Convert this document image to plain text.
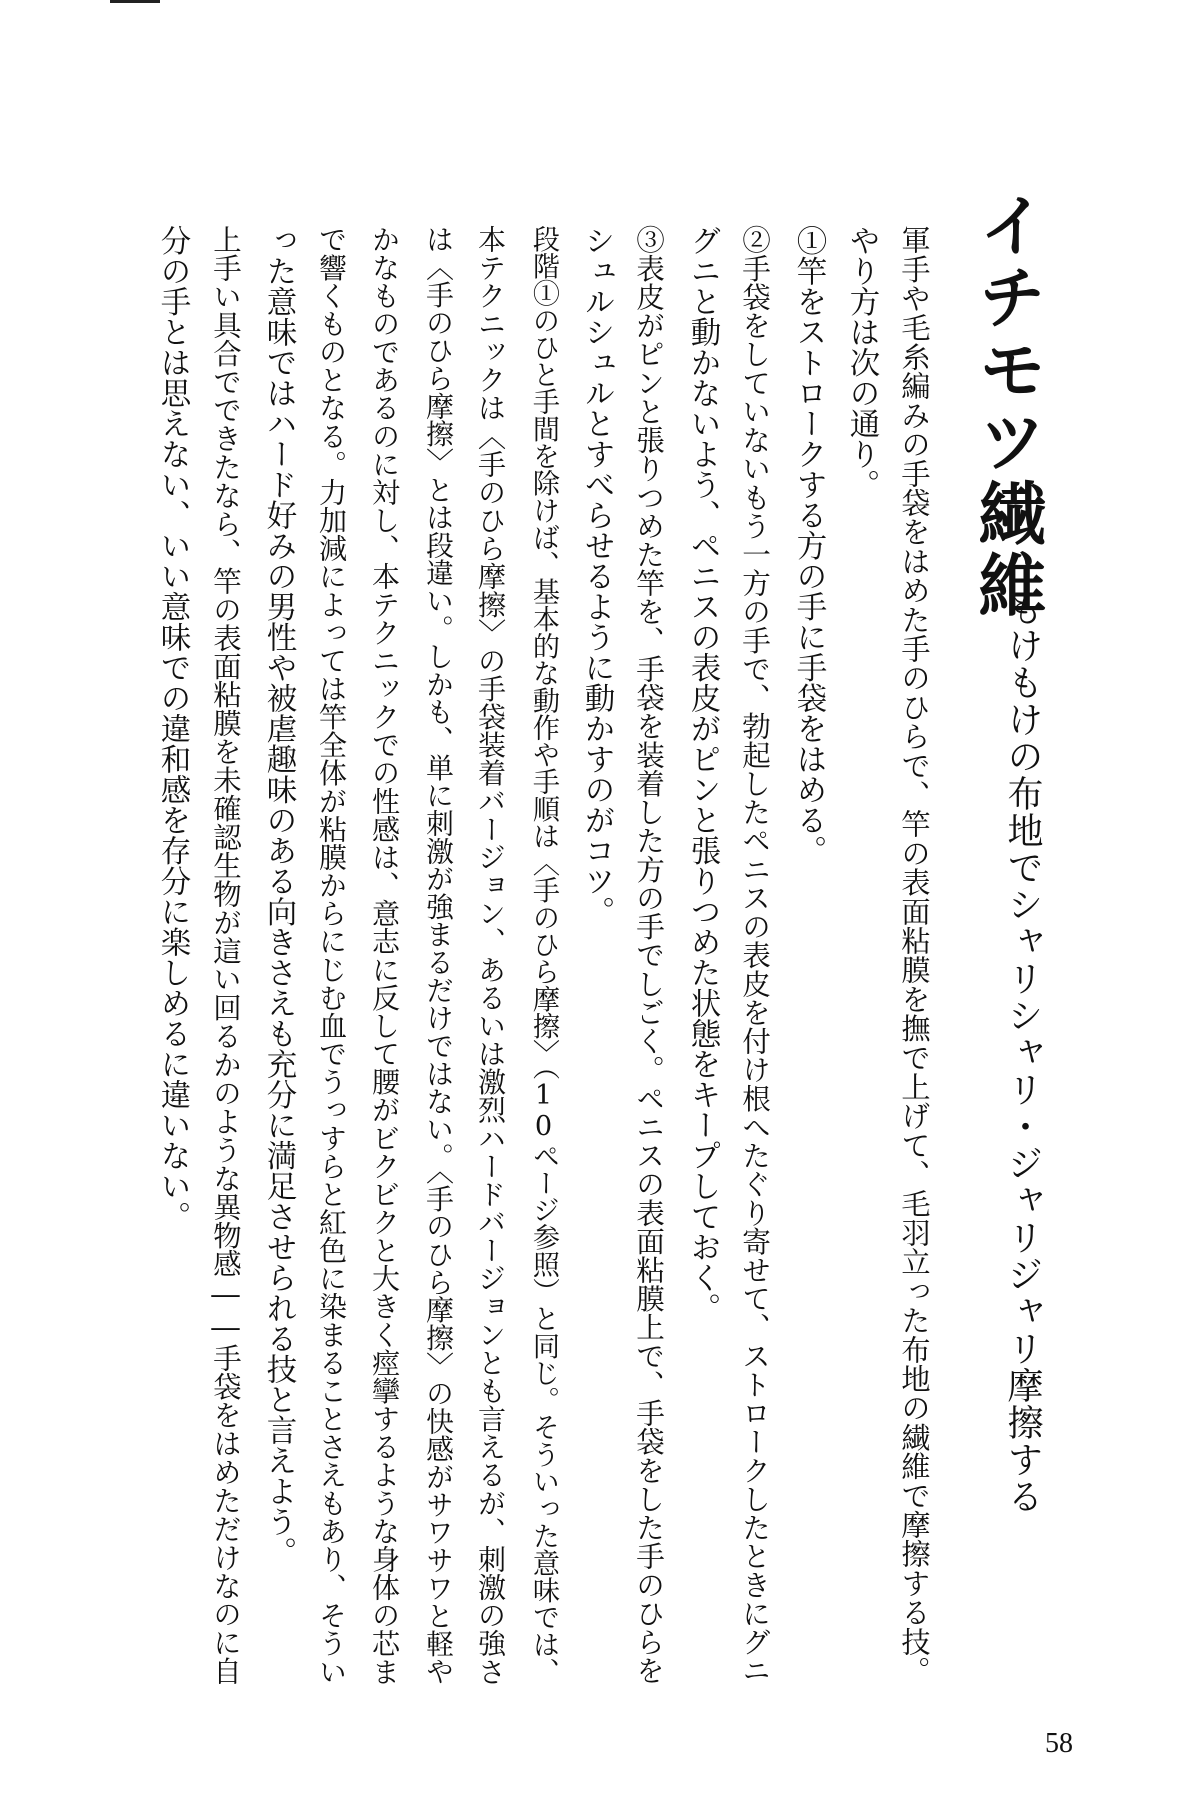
イチモツ繊維
もけもけの布地でシャリシャリ・ジャリジャリ摩擦する
軍手や毛糸編みの手袋をはめた手のひらで、竿の表面粘膜を撫で上げて、毛羽立った布地の繊維で摩擦する技。
やり方は次の通り。
①竿をストロークする方の手に手袋をはめる。
②手袋をしていないもう一方の手で、勃起したペニスの表皮を付け根へたぐり寄せて、ストロークしたときにグニ
グニと動かないよう、ペニスの表皮がピンと張りつめた状態をキープしておく。
③表皮がピンと張りつめた竿を、手袋を装着した方の手でしごく。ペニスの表面粘膜上で、手袋をした手のひらを
シュルシュルとすべらせるように動かすのがコツ。
段階①のひと手間を除けば、基本的な動作や手順は〈手のひら摩擦〉（10ページ参照）と同じ。そういった意味では、
本テクニックは〈手のひら摩擦〉の手袋装着バージョン、あるいは激烈ハードバージョンとも言えるが、刺激の強さ
は〈手のひら摩擦〉とは段違い。しかも、単に刺激が強まるだけではない。〈手のひら摩擦〉の快感がサワサワと軽や
かなものであるのに対し、本テクニックでの性感は、意志に反して腰がビクビクと大きく痙攣するような身体の芯ま
で響くものとなる。力加減によっては竿全体が粘膜からにじむ血でうっすらと紅色に染まることさえもあり、そうい
った意味ではハード好みの男性や被虐趣味のある向きさえも充分に満足させられる技と言えよう。
上手い具合でできたなら、竿の表面粘膜を未確認生物が這い回るかのような異物感――手袋をはめただけなのに自
分の手とは思えない、いい意味での違和感を存分に楽しめるに違いない。
58
